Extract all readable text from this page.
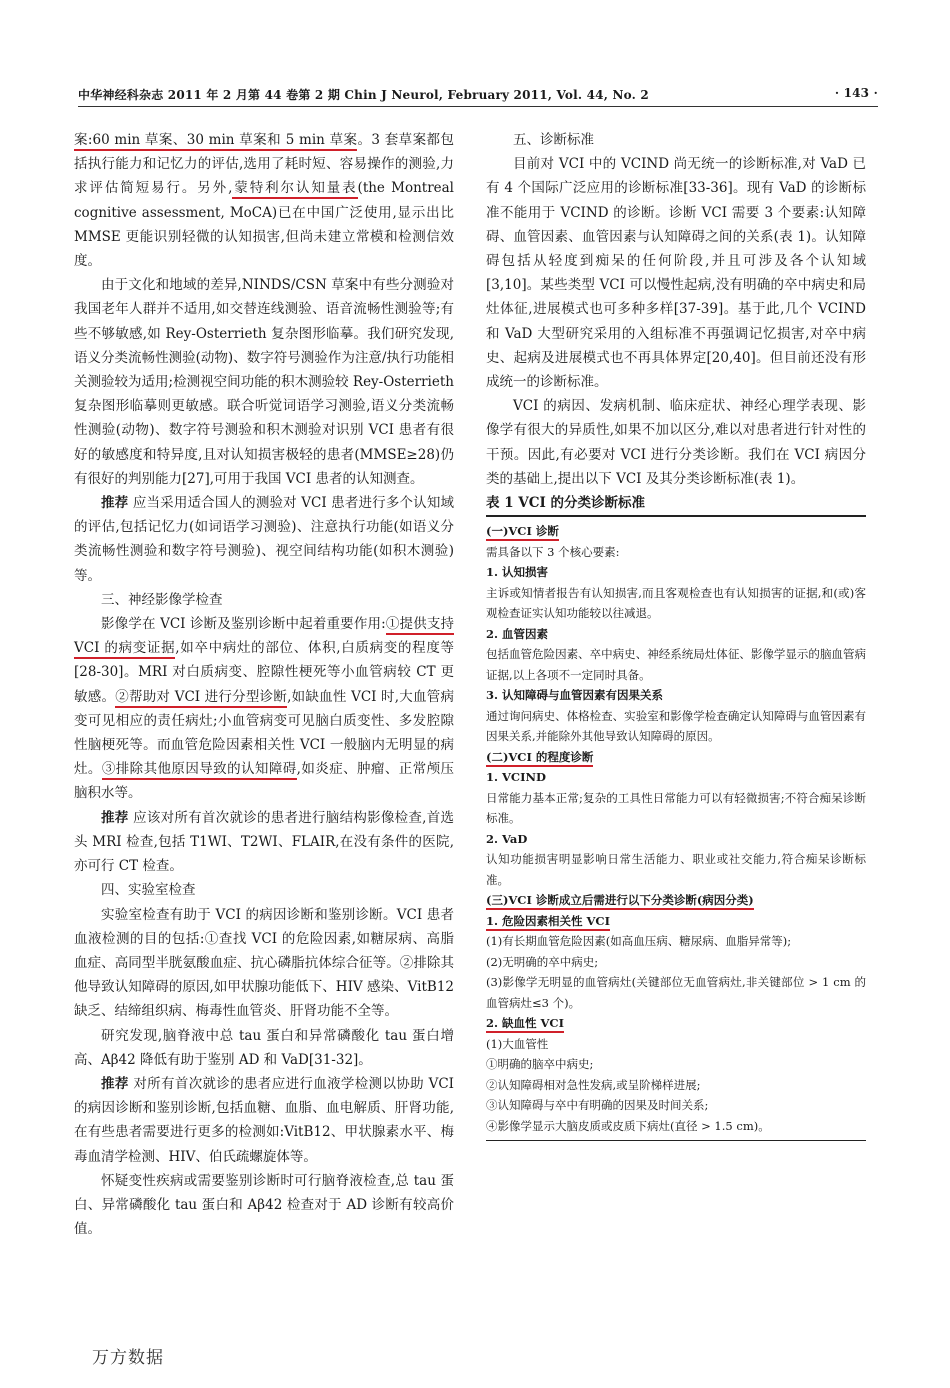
中华神经科杂志 2011 年 2 月第 44 卷第 2 期 Chin J Neurol, February 2011, Vol. 44, No. 2	· 143 ·

案:60 min 草案、30 min 草案和 5 min 草案。3 套草案都包括执行能力和记忆力的评估,选用了耗时短、容易操作的测验,力求评估简短易行。另外,蒙特利尔认知量表(the Montreal cognitive assessment, MoCA)已在中国广泛使用,显示出比 MMSE 更能识别轻微的认知损害,但尚未建立常模和检测信效度。

由于文化和地域的差异,NINDS/CSN 草案中有些分测验对我国老年人群并不适用,如交替连线测验、语音流畅性测验等;有些不够敏感,如 Rey-Osterrieth 复杂图形临摹。我们研究发现,语义分类流畅性测验(动物)、数字符号测验作为注意/执行功能相关测验较为适用;检测视空间功能的积木测验较 Rey-Osterrieth 复杂图形临摹则更敏感。联合听觉词语学习测验,语义分类流畅性测验(动物)、数字符号测验和积木测验对识别 VCI 患者有很好的敏感度和特异度,且对认知损害极轻的患者(MMSE≥28)仍有很好的判别能力[27],可用于我国 VCI 患者的认知测查。

推荐 应当采用适合国人的测验对 VCI 患者进行多个认知域的评估,包括记忆力(如词语学习测验)、注意执行功能(如语义分类流畅性测验和数字符号测验)、视空间结构功能(如积木测验)等。

三、神经影像学检查

影像学在 VCI 诊断及鉴别诊断中起着重要作用:①提供支持 VCI 的病变证据,如卒中病灶的部位、体积,白质病变的程度等[28-30]。MRI 对白质病变、腔隙性梗死等小血管病较 CT 更敏感。②帮助对 VCI 进行分型诊断,如缺血性 VCI 时,大血管病变可见相应的责任病灶;小血管病变可见脑白质变性、多发腔隙性脑梗死等。而血管危险因素相关性 VCI 一般脑内无明显的病灶。③排除其他原因导致的认知障碍,如炎症、肿瘤、正常颅压脑积水等。

推荐 应该对所有首次就诊的患者进行脑结构影像检查,首选头 MRI 检查,包括 T1WI、T2WI、FLAIR,在没有条件的医院,亦可行 CT 检查。

四、实验室检查

实验室检查有助于 VCI 的病因诊断和鉴别诊断。VCI 患者血液检测的目的包括:①查找 VCI 的危险因素,如糖尿病、高脂血症、高同型半胱氨酸血症、抗心磷脂抗体综合征等。②排除其他导致认知障碍的原因,如甲状腺功能低下、HIV 感染、VitB12 缺乏、结缔组织病、梅毒性血管炎、肝肾功能不全等。

研究发现,脑脊液中总 tau 蛋白和异常磷酸化 tau 蛋白增高、Aβ42 降低有助于鉴别 AD 和 VaD[31-32]。

推荐 对所有首次就诊的患者应进行血液学检测以协助 VCI 的病因诊断和鉴别诊断,包括血糖、血脂、血电解质、肝肾功能,在有些患者需要进行更多的检测如:VitB12、甲状腺素水平、梅毒血清学检测、HIV、伯氏疏螺旋体等。

怀疑变性疾病或需要鉴别诊断时可行脑脊液检查,总 tau 蛋白、异常磷酸化 tau 蛋白和 Aβ42 检查对于 AD 诊断有较高价值。

五、诊断标准

目前对 VCI 中的 VCIND 尚无统一的诊断标准,对 VaD 已有 4 个国际广泛应用的诊断标准[33-36]。现有 VaD 的诊断标准不能用于 VCIND 的诊断。诊断 VCI 需要 3 个要素:认知障碍、血管因素、血管因素与认知障碍之间的关系(表 1)。认知障碍包括从轻度到痴呆的任何阶段,并且可涉及各个认知域[3,10]。某些类型 VCI 可以慢性起病,没有明确的卒中病史和局灶体征,进展模式也可多种多样[37-39]。基于此,几个 VCIND 和 VaD 大型研究采用的入组标准不再强调记忆损害,对卒中病史、起病及进展模式也不再具体界定[20,40]。但目前还没有形成统一的诊断标准。

VCI 的病因、发病机制、临床症状、神经心理学表现、影像学有很大的异质性,如果不加以区分,难以对患者进行针对性的干预。因此,有必要对 VCI 进行分类诊断。我们在 VCI 病因分类的基础上,提出以下 VCI 及其分类诊断标准(表 1)。

表 1 VCI 的分类诊断标准

(一)VCI 诊断
需具备以下 3 个核心要素:
1. 认知损害
主诉或知情者报告有认知损害,而且客观检查也有认知损害的证据,和(或)客观检查证实认知功能较以往减退。
2. 血管因素
包括血管危险因素、卒中病史、神经系统局灶体征、影像学显示的脑血管病证据,以上各项不一定同时具备。
3. 认知障碍与血管因素有因果关系
通过询问病史、体格检查、实验室和影像学检查确定认知障碍与血管因素有因果关系,并能除外其他导致认知障碍的原因。
(二)VCI 的程度诊断
1. VCIND
日常能力基本正常;复杂的工具性日常能力可以有轻微损害;不符合痴呆诊断标准。
2. VaD
认知功能损害明显影响日常生活能力、职业或社交能力,符合痴呆诊断标准。
(三)VCI 诊断成立后需进行以下分类诊断(病因分类)
1. 危险因素相关性 VCI
(1)有长期血管危险因素(如高血压病、糖尿病、血脂异常等);
(2)无明确的卒中病史;
(3)影像学无明显的血管病灶(关键部位无血管病灶,非关键部位 > 1 cm 的血管病灶≤3 个)。
2. 缺血性 VCI
(1)大血管性
①明确的脑卒中病史;
②认知障碍相对急性发病,或呈阶梯样进展;
③认知障碍与卒中有明确的因果及时间关系;
④影像学显示大脑皮质或皮质下病灶(直径 > 1.5 cm)。
万方数据
